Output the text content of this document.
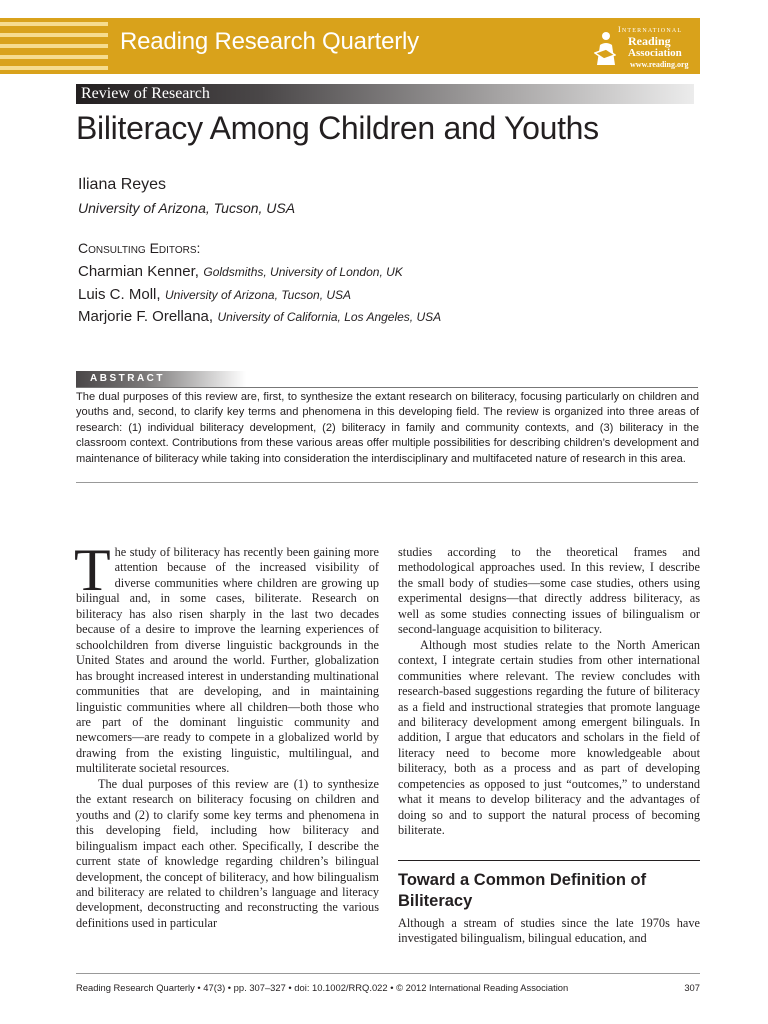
Reading Research Quarterly	International
Reading
Association
www.reading.org
Review of Research
Biliteracy Among Children and Youths
Iliana Reyes
University of Arizona, Tucson, USA
Consulting Editors:
Charmian Kenner, Goldsmiths, University of London, UK
Luis C. Moll, University of Arizona, Tucson, USA
Marjorie F. Orellana, University of California, Los Angeles, USA
ABSTRACT
The dual purposes of this review are, first, to synthesize the extant research on biliteracy, focusing particularly on children and youths and, second, to clarify key terms and phenomena in this developing field. The review is organized into three areas of research: (1) individual biliteracy development, (2) biliteracy in family and community contexts, and (3) biliteracy in the classroom context. Contributions from these various areas offer multiple possibilities for describing children’s development and maintenance of biliteracy while taking into consideration the interdisciplinary and multifaceted nature of research in this area.

The study of biliteracy has recently been gaining more attention because of the increased visibility of diverse communities where children are growing up bilingual and, in some cases, biliterate. Research on biliteracy has also risen sharply in the last two decades because of a desire to improve the learning experiences of schoolchildren from diverse linguistic backgrounds in the United States and around the world. Further, globalization has brought increased interest in understanding multinational communities that are developing, and in maintaining linguistic communities where all children—both those who are part of the dominant linguistic community and newcomers—are ready to compete in a globalized world by drawing from the existing linguistic, multilingual, and multiliterate societal resources.

The dual purposes of this review are (1) to synthesize the extant research on biliteracy focusing on children and youths and (2) to clarify some key terms and phenomena in this developing field, including how biliteracy and bilingualism impact each other. Specifically, I describe the current state of knowledge regarding children’s bilingual development, the concept of biliteracy, and how bilingualism and biliteracy are related to children’s language and literacy development, deconstructing and reconstructing the various definitions used in particular

studies according to the theoretical frames and methodological approaches used. In this review, I describe the small body of studies—some case studies, others using experimental designs—that directly address biliteracy, as well as some studies connecting issues of bilingualism or second-language acquisition to biliteracy.

Although most studies relate to the North American context, I integrate certain studies from other international communities where relevant. The review concludes with research-based suggestions regarding the future of biliteracy as a field and instructional strategies that promote language and biliteracy development among emergent bilinguals. In addition, I argue that educators and scholars in the field of literacy need to become more knowledgeable about biliteracy, both as a process and as part of developing competencies as opposed to just “outcomes,” to understand what it means to develop biliteracy and the advantages of doing so and to support the natural process of becoming biliterate.

Toward a Common Definition of Biliteracy

Although a stream of studies since the late 1970s have investigated bilingualism, bilingual education, and

Reading Research Quarterly • 47(3) • pp. 307–327 • doi: 10.1002/RRQ.022 • © 2012 International Reading Association	307
